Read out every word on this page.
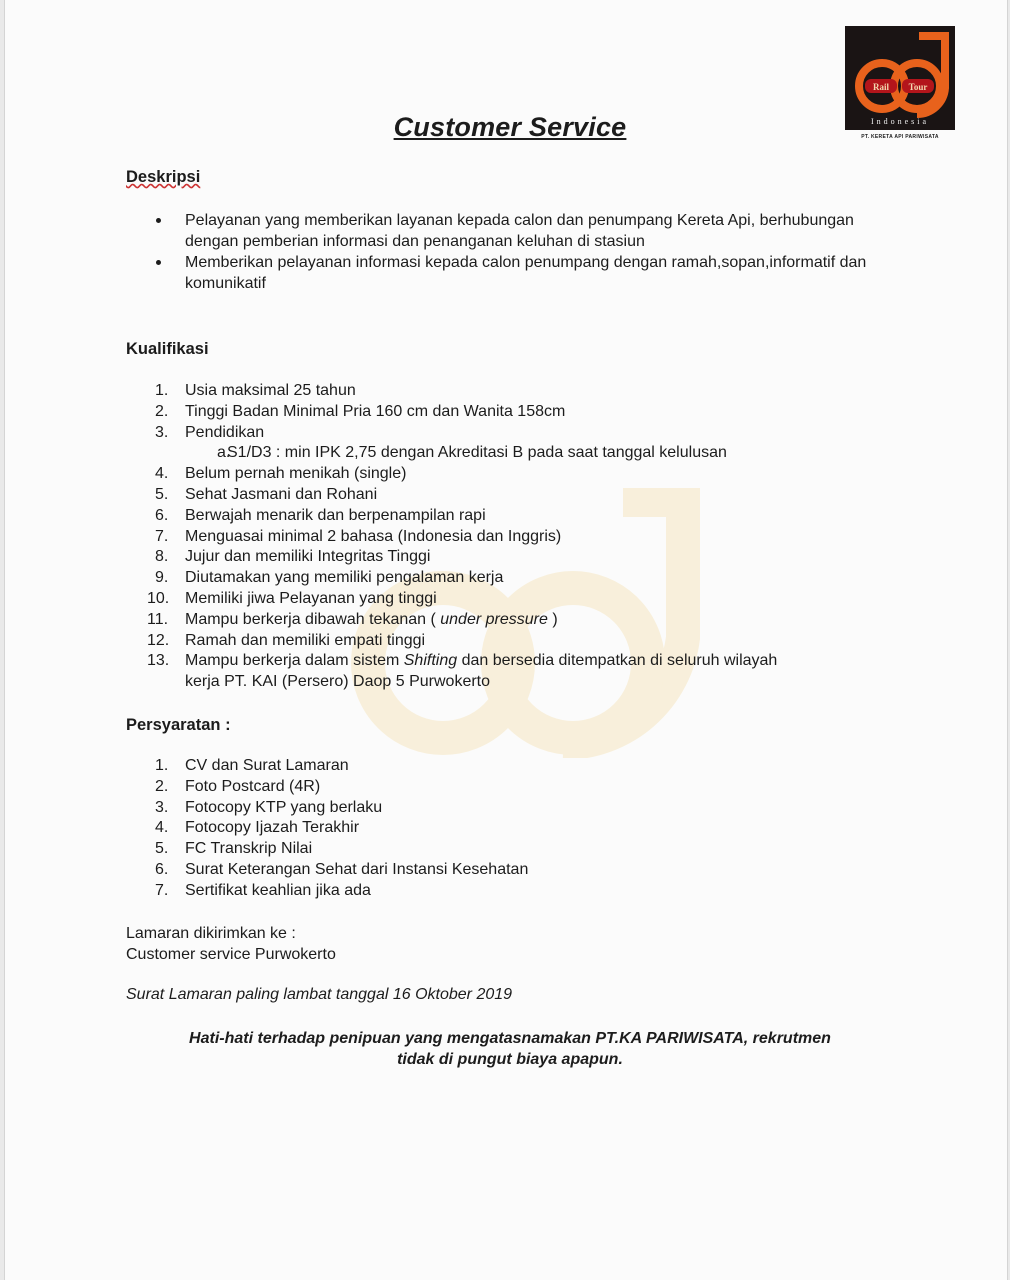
Rail Tour
Indonesia
PT. KERETA API PARIWISATA
Customer Service
Deskripsi
Pelayanan yang memberikan layanan kepada calon dan penumpang Kereta Api, berhubungan dengan pemberian informasi dan penanganan keluhan di stasiun
Memberikan pelayanan informasi kepada calon penumpang dengan ramah,sopan,informatif dan komunikatif
Kualifikasi
1. Usia maksimal 25 tahun
2. Tinggi Badan Minimal Pria 160 cm dan Wanita 158cm
3. Pendidikan
a.
S1/D3 : min IPK 2,75 dengan Akreditasi B pada saat tanggal kelulusan
4. Belum pernah menikah (single)
5. Sehat Jasmani dan Rohani
6. Berwajah menarik dan berpenampilan rapi
7. Menguasai minimal 2 bahasa (Indonesia dan Inggris)
8. Jujur dan memiliki Integritas Tinggi
9. Diutamakan yang memiliki pengalaman kerja
10. Memiliki jiwa Pelayanan yang tinggi
11. Mampu berkerja dibawah tekanan ( under pressure )
12. Ramah dan memiliki empati tinggi
13. Mampu berkerja dalam sistem Shifting dan bersedia ditempatkan di seluruh wilayah
kerja PT. KAI (Persero) Daop 5 Purwokerto
Persyaratan :
1. CV dan Surat Lamaran
2. Foto Postcard (4R)
3. Fotocopy KTP yang berlaku
4. Fotocopy Ijazah Terakhir
5. FC Transkrip Nilai
6. Surat Keterangan Sehat dari Instansi Kesehatan
7. Sertifikat keahlian jika ada
Lamaran dikirimkan ke :
Customer service Purwokerto
Surat Lamaran paling lambat tanggal 16 Oktober 2019
Hati-hati terhadap penipuan yang mengatasnamakan PT.KA PARIWISATA, rekrutmen
tidak di pungut biaya apapun.
